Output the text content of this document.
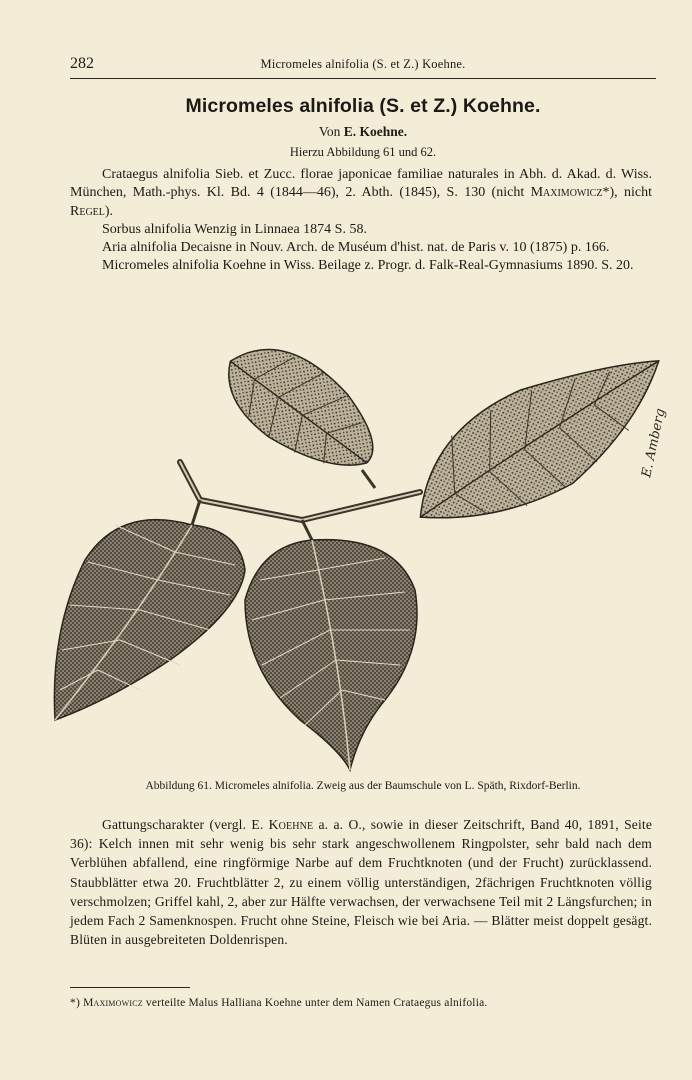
282	Micromeles alnifolia (S. et Z.) Koehne.
Micromeles alnifolia (S. et Z.) Koehne.
Von E. Koehne.
Hierzu Abbildung 61 und 62.

Crataegus alnifolia Sieb. et Zucc. florae japonicae familiae naturales in Abh. d. Akad. d. Wiss. München, Math.-phys. Kl. Bd. 4 (1844—46), 2. Abth. (1845), S. 130 (nicht Maximowicz*), nicht Regel).

Sorbus alnifolia Wenzig in Linnaea 1874 S. 58.

Aria alnifolia Decaisne in Nouv. Arch. de Muséum d'hist. nat. de Paris v. 10 (1875) p. 166.

Micromeles alnifolia Koehne in Wiss. Beilage z. Progr. d. Falk-Real-Gymnasiums 1890. S. 20.

E. Amberg
Abbildung 61. Micromeles alnifolia. Zweig aus der Baumschule von L. Späth, Rixdorf-Berlin.

Gattungscharakter (vergl. E. Koehne a. a. O., sowie in dieser Zeitschrift, Band 40, 1891, Seite 36): Kelch innen mit sehr wenig bis sehr stark angeschwollenem Ringpolster, sehr bald nach dem Verblühen abfallend, eine ringförmige Narbe auf dem Fruchtknoten (und der Frucht) zurücklassend. Staubblätter etwa 20. Fruchtblätter 2, zu einem völlig unterständigen, 2fächrigen Fruchtknoten völlig verschmolzen; Griffel kahl, 2, aber zur Hälfte verwachsen, der verwachsene Teil mit 2 Längsfurchen; in jedem Fach 2 Samenknospen. Frucht ohne Steine, Fleisch wie bei Aria. — Blätter meist doppelt gesägt. Blüten in ausgebreiteten Doldenrispen.

*) Maximowicz verteilte Malus Halliana Koehne unter dem Namen Crataegus alnifolia.
